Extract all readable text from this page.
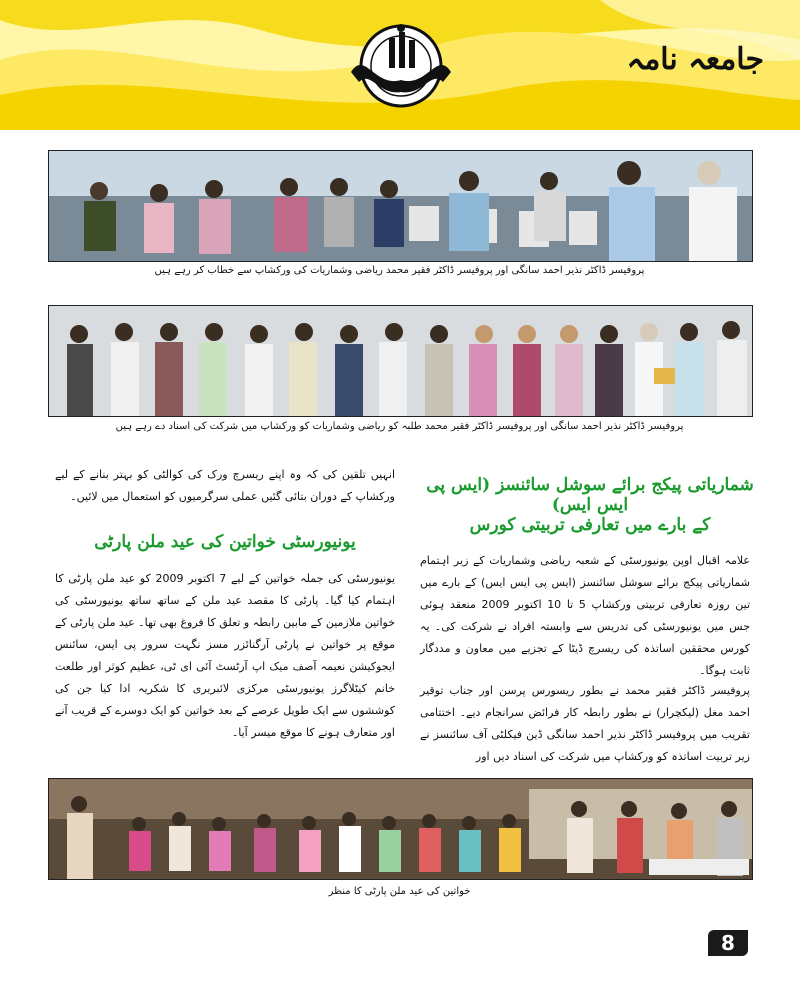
جامعہ نامہ
پروفیسر ڈاکٹر نذیر احمد سانگی اور پروفیسر ڈاکٹر فقیر محمد ریاضی وشماریات کی ورکشاپ سے خطاب کر رہے ہیں
پروفیسر ڈاکٹر نذیر احمد سانگی اور پروفیسر ڈاکٹر فقیر محمد طلبہ کو ریاضی وشماریات کو ورکشاپ میں شرکت کی اسناد دے رہے ہیں
شماریاتی پیکج برائے سوشل سائنسز (ایس پی ایس ایس)
کے بارے میں تعارفی تربیتی کورس

علامہ اقبال اوپن یونیورسٹی کے شعبہ ریاضی وشماریات کے زیر اہتمام شماریاتی پیکج برائے سوشل سائنسز (ایس پی ایس ایس) کے بارے میں تین روزہ تعارفی تربیتی ورکشاپ 5 تا 10 اکتوبر 2009 منعقد ہوئی جس میں یونیورسٹی کی تدریس سے وابستہ افراد نے شرکت کی۔ یہ کورس محققین اساتذہ کی ریسرچ ڈیٹا کے تجزیے میں معاون و مددگار ثابت ہوگا۔

پروفیسر ڈاکٹر فقیر محمد نے بطور ریسورس پرسن اور جناب توقیر احمد مغل (لیکچرار) نے بطور رابطہ کار فرائض سرانجام دیے۔ اختتامی تقریب میں پروفیسر ڈاکٹر نذیر احمد سانگی ڈین فیکلٹی آف سائنسز نے زیر تربیت اساتذہ کو ورکشاپ میں شرکت کی اسناد دیں اور

انہیں تلقین کی کہ وہ اپنے ریسرچ ورک کی کوالٹی کو بہتر بنانے کے لیے ورکشاپ کے دوران بتائی گئیں عملی سرگرمیوں کو استعمال میں لائیں۔

یونیورسٹی خواتین کی عید ملن پارٹی

یونیورسٹی کی جملہ خواتین کے لیے 7 اکتوبر 2009 کو عید ملن پارٹی کا اہتمام کیا گیا۔ پارٹی کا مقصد عید ملن کے ساتھ ساتھ یونیورسٹی کی خواتین ملازمین کے مابین رابطہ و تعلق کا فروغ بھی تھا۔ عید ملن پارٹی کے موقع پر خواتین نے پارٹی آرگنائزر مسز نگہت سرور پی ایس، سائنس ایجوکیشن نعیمہ آصف میک اپ آرٹسٹ آئی ای ٹی، عظیم کوثر اور طلعت خانم کیٹلاگرز یونیورسٹی مرکزی لائبریری کا شکریہ ادا کیا جن کی کوششوں سے ایک طویل عرصے کے بعد خواتین کو ایک دوسرے کے قریب آنے اور متعارف ہونے کا موقع میسر آیا۔

خواتین کی عید ملن پارٹی کا منظر
8
